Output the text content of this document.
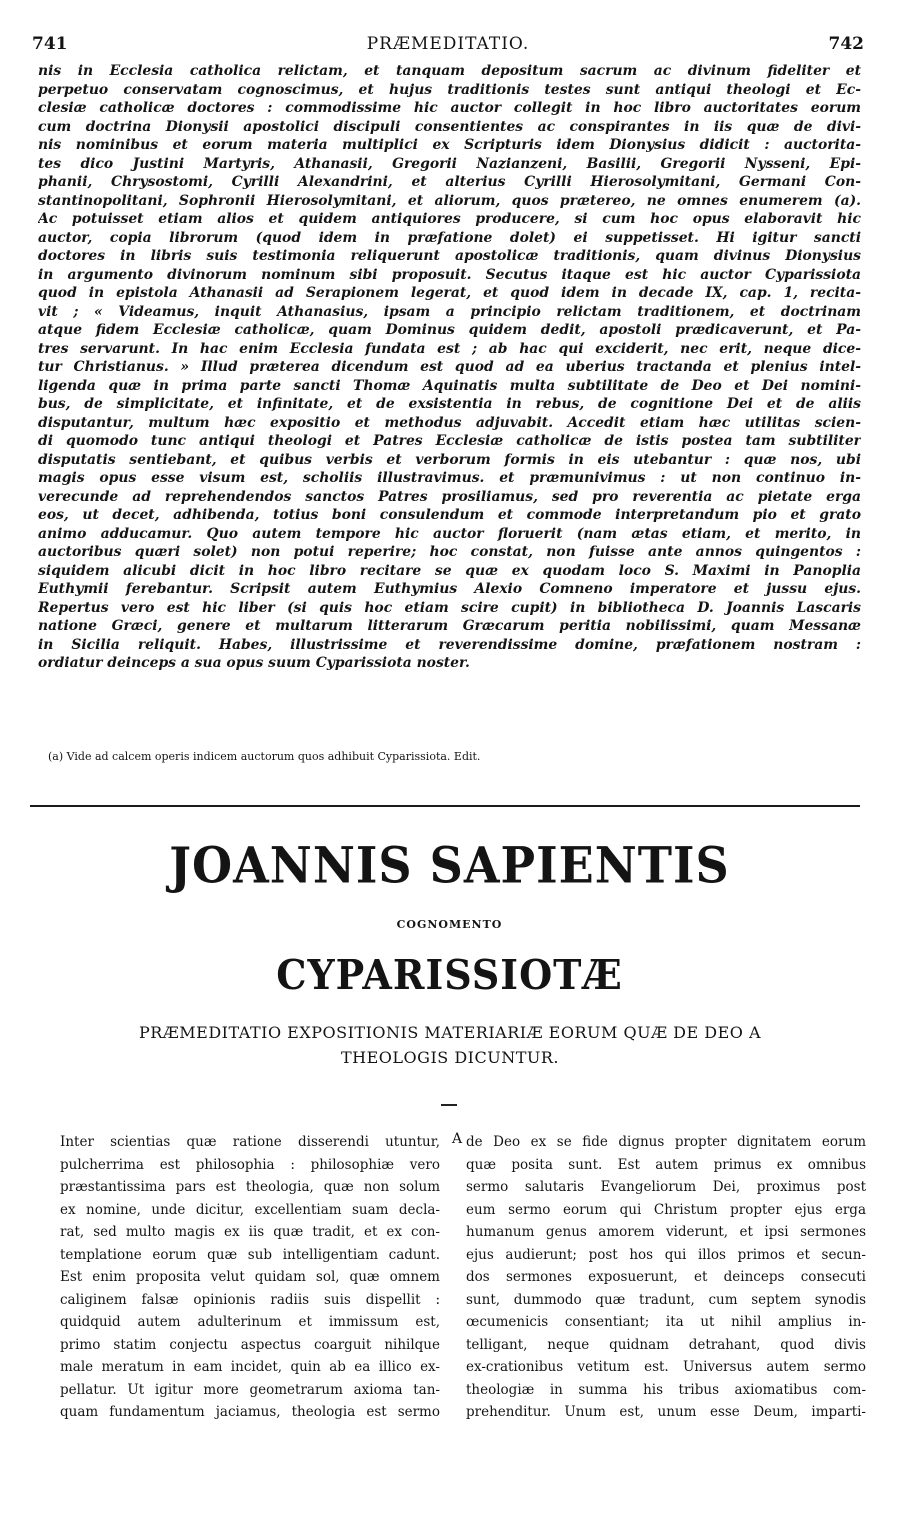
741	PRÆMEDITATIO.	742
nis in Ecclesia catholica relictam, et tanquam depositum sacrum ac divinum fideliter et
perpetuo conservatam cognoscimus, et hujus traditionis testes sunt antiqui theologi et Ec-
clesiæ catholicæ doctores : commodissime hic auctor collegit in hoc libro auctoritates eorum
cum doctrina Dionysii apostolici discipuli consentientes ac conspirantes in iis quæ de divi-
nis nominibus et eorum materia multiplici ex Scripturis idem Dionysius didicit : auctorita-
tes dico Justini Martyris, Athanasii, Gregorii Nazianzeni, Basilii, Gregorii Nysseni, Epi-
phanii, Chrysostomi, Cyrilli Alexandrini, et alterius Cyrilli Hierosolymitani, Germani Con-
stantinopolitani, Sophronii Hierosolymitani, et aliorum, quos prætereo, ne omnes enumerem (a).
Ac potuisset etiam alios et quidem antiquiores producere, si cum hoc opus elaboravit hic
auctor, copia librorum (quod idem in præfatione dolet) ei suppetisset. Hi igitur sancti
doctores in libris suis testimonia reliquerunt apostolicæ traditionis, quam divinus Dionysius
in argumento divinorum nominum sibi proposuit. Secutus itaque est hic auctor Cyparissiota
quod in epistola Athanasii ad Serapionem legerat, et quod idem in decade IX, cap. 1, recita-
vit ; « Videamus, inquit Athanasius, ipsam a principio relictam traditionem, et doctrinam
atque fidem Ecclesiæ catholicæ, quam Dominus quidem dedit, apostoli prædicaverunt, et Pa-
tres servarunt. In hac enim Ecclesia fundata est ; ab hac qui exciderit, nec erit, neque dice-
tur Christianus. » Illud præterea dicendum est quod ad ea uberius tractanda et plenius intel-
ligenda quæ in prima parte sancti Thomæ Aquinatis multa subtilitate de Deo et Dei nomini-
bus, de simplicitate, et infinitate, et de exsistentia in rebus, de cognitione Dei et de aliis
disputantur, multum hæc expositio et methodus adjuvabit. Accedit etiam hæc utilitas scien-
di quomodo tunc antiqui theologi et Patres Ecclesiæ catholicæ de istis postea tam subtiliter
disputatis sentiebant, et quibus verbis et verborum formis in eis utebantur : quæ nos, ubi
magis opus esse visum est, scholiis illustravimus. et præmunivimus : ut non continuo in-
verecunde ad reprehendendos sanctos Patres prosiliamus, sed pro reverentia ac pietate erga
eos, ut decet, adhibenda, totius boni consulendum et commode interpretandum pio et grato
animo adducamur. Quo autem tempore hic auctor floruerit (nam ætas etiam, et merito, in
auctoribus quæri solet) non potui reperire; hoc constat, non fuisse ante annos quingentos :
siquidem alicubi dicit in hoc libro recitare se quæ ex quodam loco S. Maximi in Panoplia
Euthymii ferebantur. Scripsit autem Euthymius Alexio Comneno imperatore et jussu ejus.
Repertus vero est hic liber (si quis hoc etiam scire cupit) in bibliotheca D. Joannis Lascaris
natione Græci, genere et multarum litterarum Græcarum peritia nobilissimi, quam Messanæ
in Sicilia reliquit. Habes, illustrissime et reverendissime domine, præfationem nostram :
ordiatur deinceps a sua opus suum Cyparissiota noster.
(a) Vide ad calcem operis indicem auctorum quos adhibuit Cyparissiota. Edit.
JOANNIS SAPIENTIS
COGNOMENTO
CYPARISSIOTÆ
PRÆMEDITATIO EXPOSITIONIS MATERIARIÆ EORUM QUÆ DE DEO A
THEOLOGIS DICUNTUR.
Inter scientias quæ ratione disserendi utuntur,
pulcherrima est philosophia : philosophiæ vero
præstantissima pars est theologia, quæ non solum
ex nomine, unde dicitur, excellentiam suam decla-
rat, sed multo magis ex iis quæ tradit, et ex con-
templatione eorum quæ sub intelligentiam cadunt.
Est enim proposita velut quidam sol, quæ omnem
caliginem falsæ opinionis radiis suis dispellit :
quidquid autem adulterinum et immissum est,
primo statim conjectu aspectus coarguit nihilque
male meratum in eam incidet, quin ab ea illico ex-
pellatur. Ut igitur more geometrarum axioma tan-
quam fundamentum jaciamus, theologia est sermo
A de Deo ex se fide dignus propter dignitatem eorum
quæ posita sunt. Est autem primus ex omnibus
sermo salutaris Evangeliorum Dei, proximus post
eum sermo eorum qui Christum propter ejus erga
humanum genus amorem viderunt, et ipsi sermones
ejus audierunt; post hos qui illos primos et secun-
dos sermones exposuerunt, et deinceps consecuti
sunt, dummodo quæ tradunt, cum septem synodis
œcumenicis consentiant; ita ut nihil amplius in-
telligant, neque quidnam detrahant, quod divis
ex-crationibus vetitum est. Universus autem sermo
theologiæ in summa his tribus axiomatibus com-
prehenditur. Unum est, unum esse Deum, imparti-
